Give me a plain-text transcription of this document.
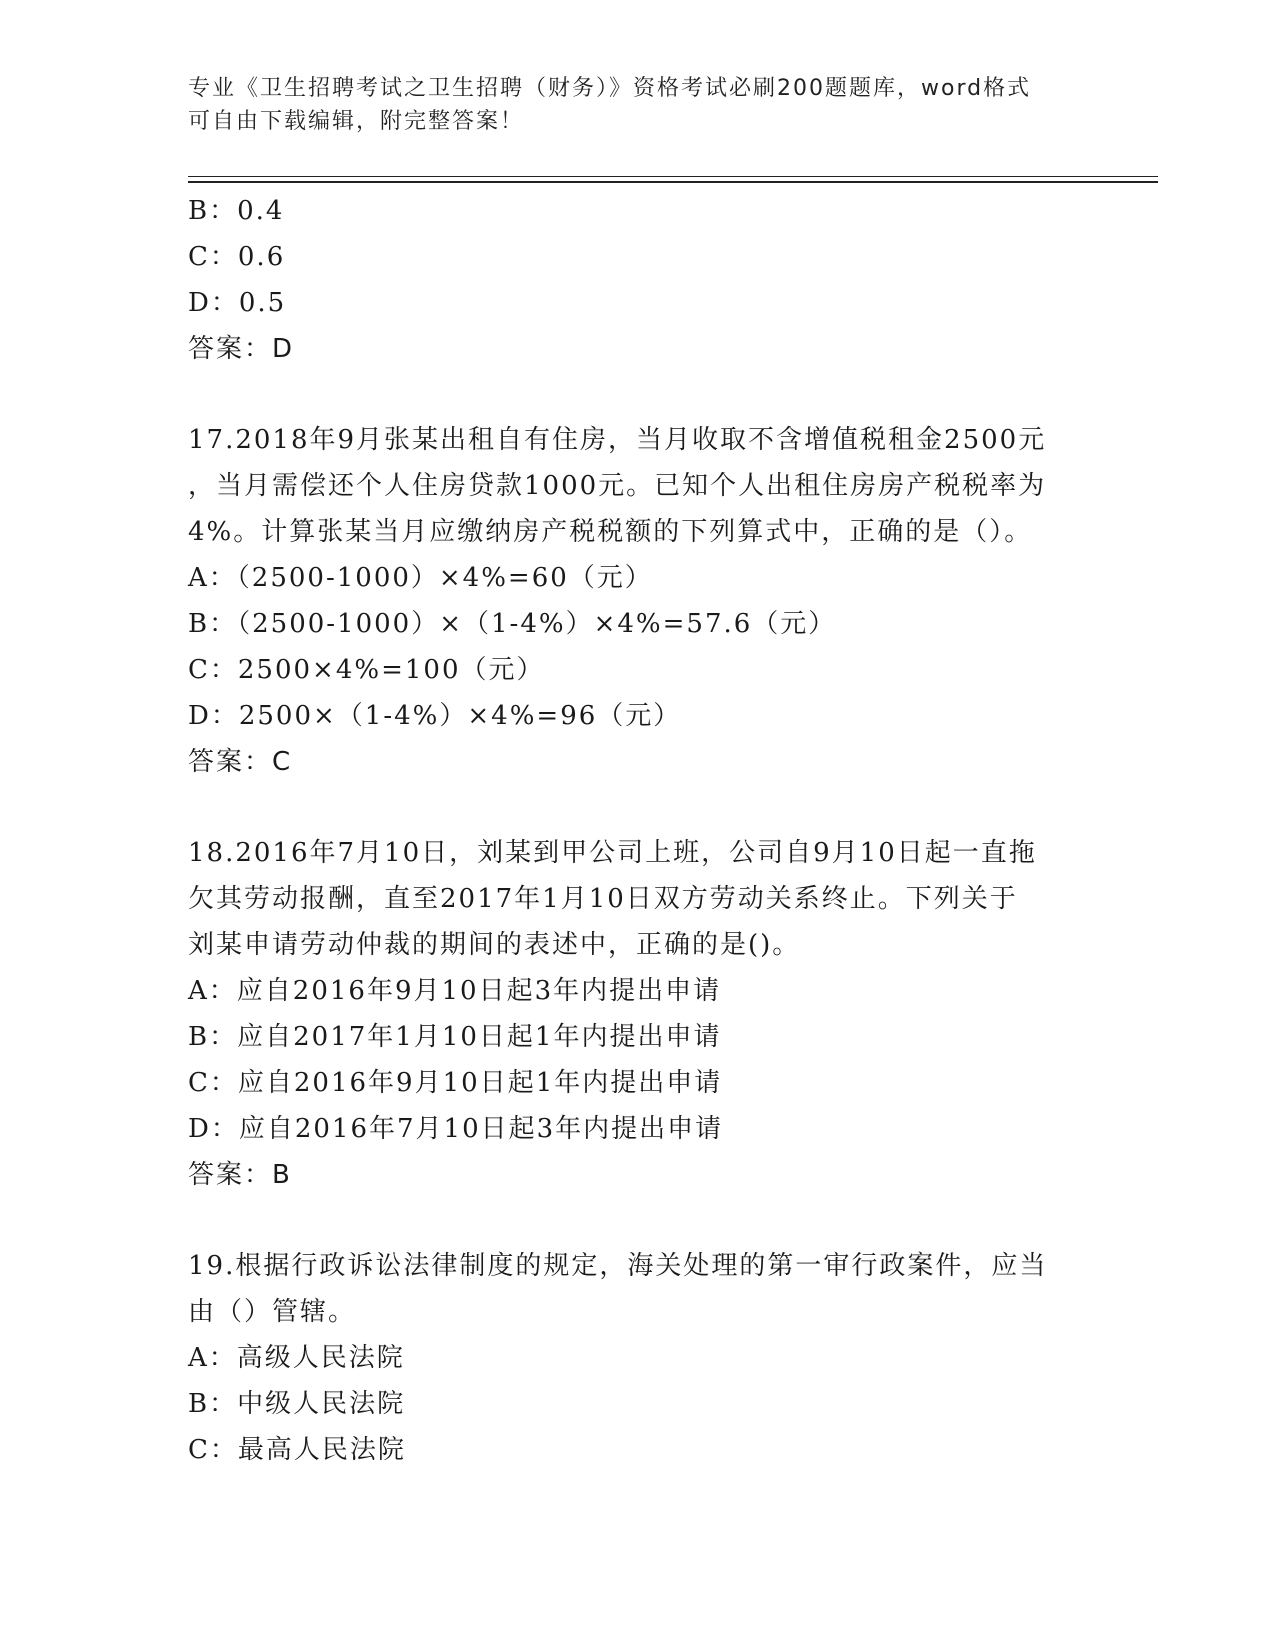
专业《卫生招聘考试之卫生招聘（财务）》资格考试必刷200题题库，word格式
可自由下载编辑，附完整答案！
B：0.4
C：0.6
D：0.5
答案：D
17.2018年9月张某出租自有住房，当月收取不含增值税租金2500元
，当月需偿还个人住房贷款1000元。已知个人出租住房房产税税率为
4%。计算张某当月应缴纳房产税税额的下列算式中，正确的是（）。
A：（2500-1000）×4%=60（元）
B：（2500-1000）×（1-4%）×4%=57.6（元）
C：2500×4%=100（元）
D：2500×（1-4%）×4%=96（元）
答案：C
18.2016年7月10日，刘某到甲公司上班，公司自9月10日起一直拖
欠其劳动报酬，直至2017年1月10日双方劳动关系终止。下列关于
刘某申请劳动仲裁的期间的表述中，正确的是()。
A：应自2016年9月10日起3年内提出申请
B：应自2017年1月10日起1年内提出申请
C：应自2016年9月10日起1年内提出申请
D：应自2016年7月10日起3年内提出申请
答案：B
19.根据行政诉讼法律制度的规定，海关处理的第一审行政案件，应当
由（）管辖。
A：高级人民法院
B：中级人民法院
C：最高人民法院
